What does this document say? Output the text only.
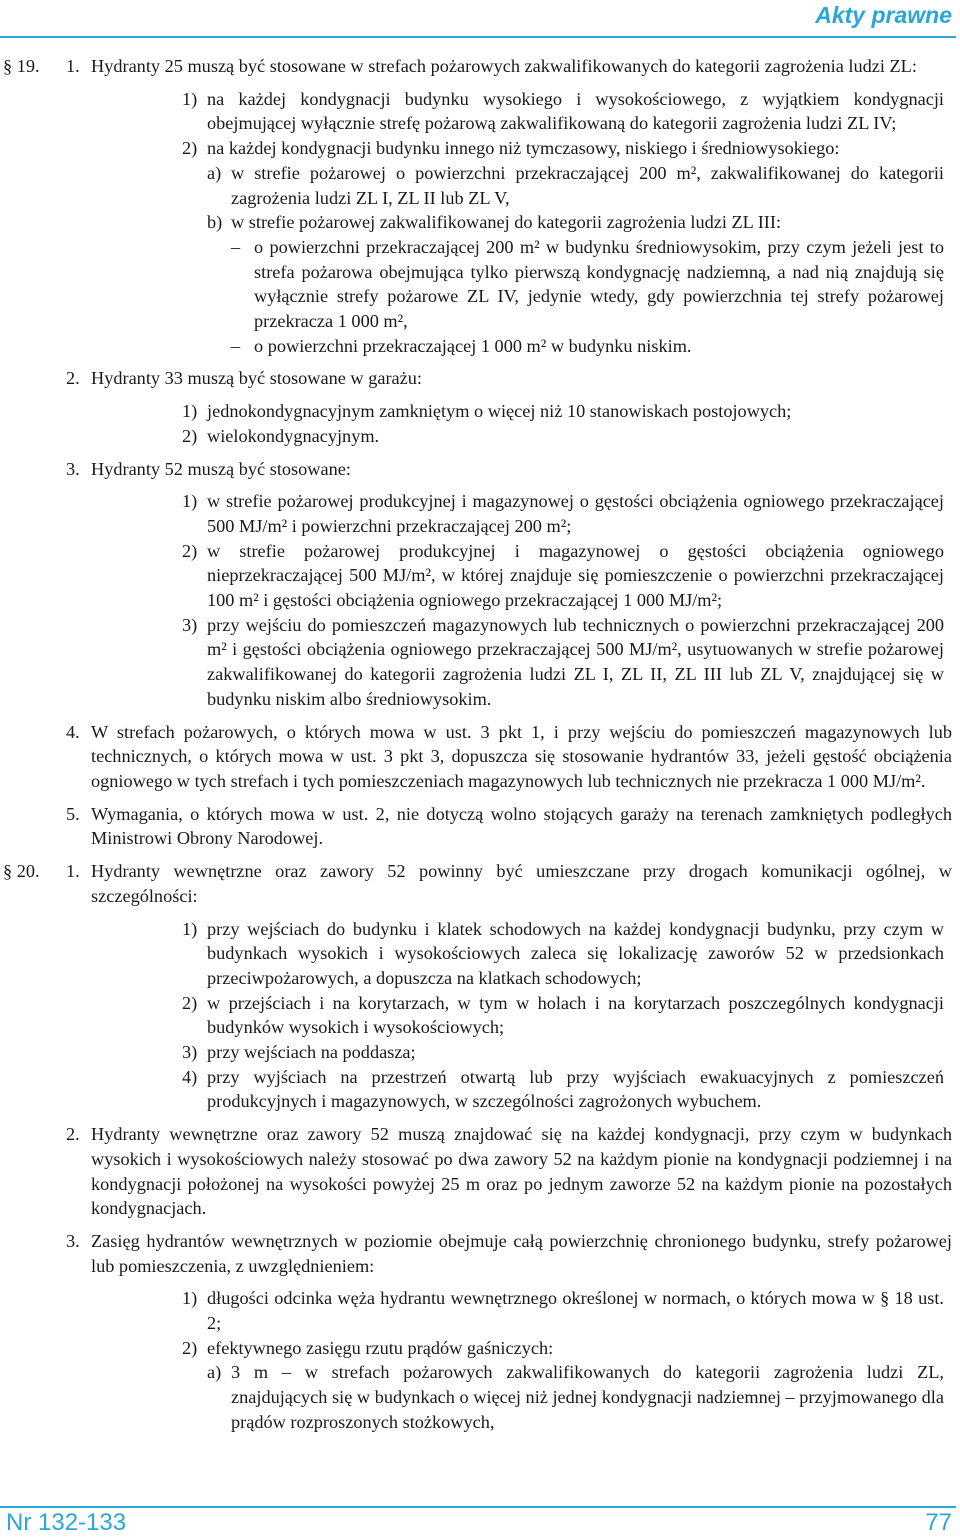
Akty prawne
§ 19. 1. Hydranty 25 muszą być stosowane w strefach pożarowych zakwalifikowanych do kategorii zagrożenia ludzi ZL:
1) na każdej kondygnacji budynku wysokiego i wysokościowego, z wyjątkiem kondygnacji obejmującej wyłącznie strefę pożarową zakwalifikowaną do kategorii zagrożenia ludzi ZL IV;
2) na każdej kondygnacji budynku innego niż tymczasowy, niskiego i średniowysokiego:
a) w strefie pożarowej o powierzchni przekraczającej 200 m², zakwalifikowanej do kategorii zagrożenia ludzi ZL I, ZL II lub ZL V,
b) w strefie pożarowej zakwalifikowanej do kategorii zagrożenia ludzi ZL III:
– o powierzchni przekraczającej 200 m² w budynku średniowysokim, przy czym jeżeli jest to strefa pożarowa obejmująca tylko pierwszą kondygnację nadziemną, a nad nią znajdują się wyłącznie strefy pożarowe ZL IV, jedynie wtedy, gdy powierzchnia tej strefy pożarowej przekracza 1 000 m²,
– o powierzchni przekraczającej 1 000 m² w budynku niskim.
2. Hydranty 33 muszą być stosowane w garażu:
1) jednokondygnacyjnym zamkniętym o więcej niż 10 stanowiskach postojowych;
2) wielokondygnacyjnym.
3. Hydranty 52 muszą być stosowane:
1) w strefie pożarowej produkcyjnej i magazynowej o gęstości obciążenia ogniowego przekraczającej 500 MJ/m² i powierzchni przekraczającej 200 m²;
2) w strefie pożarowej produkcyjnej i magazynowej o gęstości obciążenia ogniowego nieprzekraczającej 500 MJ/m², w której znajduje się pomieszczenie o powierzchni przekraczającej 100 m² i gęstości obciążenia ogniowego przekraczającej 1 000 MJ/m²;
3) przy wejściu do pomieszczeń magazynowych lub technicznych o powierzchni przekraczającej 200 m² i gęstości obciążenia ogniowego przekraczającej 500 MJ/m², usytuowanych w strefie pożarowej zakwalifikowanej do kategorii zagrożenia ludzi ZL I, ZL II, ZL III lub ZL V, znajdującej się w budynku niskim albo średniowysokim.
4. W strefach pożarowych, o których mowa w ust. 3 pkt 1, i przy wejściu do pomieszczeń magazynowych lub technicznych, o których mowa w ust. 3 pkt 3, dopuszcza się stosowanie hydrantów 33, jeżeli gęstość obciążenia ogniowego w tych strefach i tych pomieszczeniach magazynowych lub technicznych nie przekracza 1 000 MJ/m².
5. Wymagania, o których mowa w ust. 2, nie dotyczą wolno stojących garaży na terenach zamkniętych podległych Ministrowi Obrony Narodowej.
§ 20. 1. Hydranty wewnętrzne oraz zawory 52 powinny być umieszczane przy drogach komunikacji ogólnej, w szczególności:
1) przy wejściach do budynku i klatek schodowych na każdej kondygnacji budynku, przy czym w budynkach wysokich i wysokościowych zaleca się lokalizację zaworów 52 w przedsionkach przeciwpożarowych, a dopuszcza na klatkach schodowych;
2) w przejściach i na korytarzach, w tym w holach i na korytarzach poszczególnych kondygnacji budynków wysokich i wysokościowych;
3) przy wejściach na poddasza;
4) przy wyjściach na przestrzeń otwartą lub przy wyjściach ewakuacyjnych z pomieszczeń produkcyjnych i magazynowych, w szczególności zagrożonych wybuchem.
2. Hydranty wewnętrzne oraz zawory 52 muszą znajdować się na każdej kondygnacji, przy czym w budynkach wysokich i wysokościowych należy stosować po dwa zawory 52 na każdym pionie na kondygnacji podziemnej i na kondygnacji położonej na wysokości powyżej 25 m oraz po jednym zaworze 52 na każdym pionie na pozostałych kondygnacjach.
3. Zasięg hydrantów wewnętrznych w poziomie obejmuje całą powierzchnię chronionego budynku, strefy pożarowej lub pomieszczenia, z uwzględnieniem:
1) długości odcinka węża hydrantu wewnętrznego określonej w normach, o których mowa w § 18 ust. 2;
2) efektywnego zasięgu rzutu prądów gaśniczych:
a) 3 m – w strefach pożarowych zakwalifikowanych do kategorii zagrożenia ludzi ZL, znajdujących się w budynkach o więcej niż jednej kondygnacji nadziemnej – przyjmowanego dla prądów rozproszonych stożkowych,
Nr 132-133	77
